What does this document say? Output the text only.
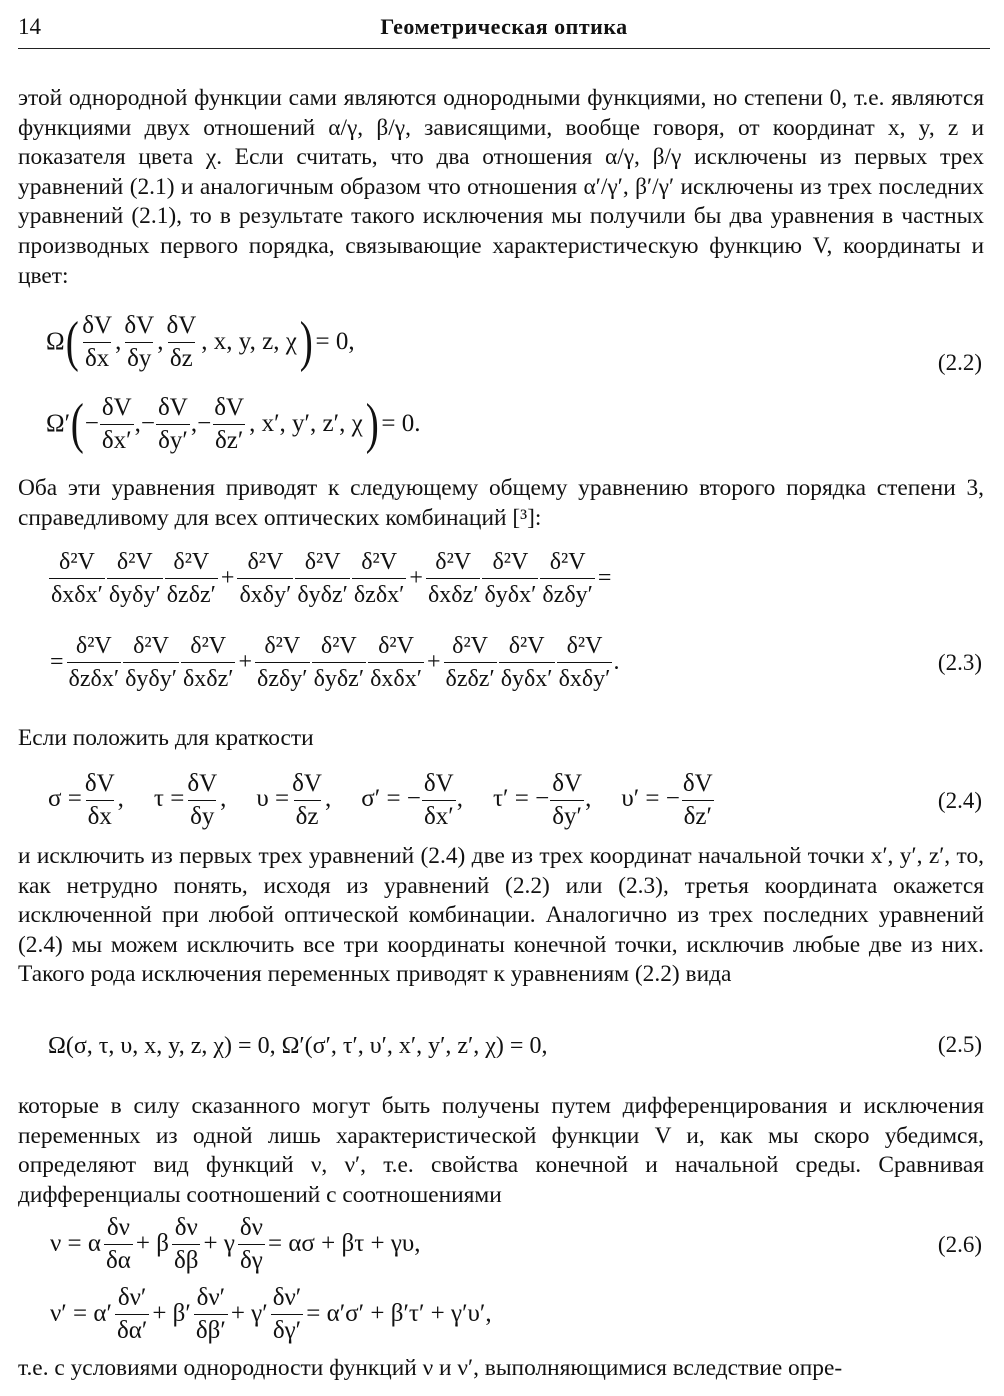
14	Геометрическая оптика

этой однородной функции сами являются однородными функциями, но степени 0, т.е. являются функциями двух отношений α/γ, β/γ, зависящими, вообще говоря, от координат x, y, z и показателя цвета χ. Если считать, что два отношения α/γ, β/γ исключены из первых трех уравнений (2.1) и аналогичным образом что отношения α′/γ′, β′/γ′ исключены из трех последних уравнений (2.1), то в результате такого исключения мы получили бы два уравнения в частных производных первого порядка, связывающие характеристическую функцию V, координаты и цвет:

Ω ( $\frac{\delta V}{\delta x}$ , $\frac{\delta V}{\delta y}$ , $\frac{\delta V}{\delta z}$ , x, y, z, χ ) = 0,
(2.2)
Ω′ ( − $\frac{\delta V}{\delta x'}$ ,− $\frac{\delta V}{\delta y'}$ ,− $\frac{\delta V}{\delta z'}$ , x′, y′, z′, χ ) = 0.

Оба эти уравнения приводят к следующему общему уравнению второго порядка степени 3, справедливому для всех оптических комбинаций [³]:

$\frac{\text{δ²V}}{\text{δxδx′}} \frac{\text{δ²V}}{\text{δyδy′}} \frac{\text{δ²V}}{\text{δzδz′}} + \frac{\text{δ²V}}{\text{δxδy′}} \frac{\text{δ²V}}{\text{δyδz′}} \frac{\text{δ²V}}{\text{δzδx′}} + \frac{\text{δ²V}}{\text{δxδz′}} \frac{\text{δ²V}}{\text{δyδx′}} \frac{\text{δ²V}}{\text{δzδy′}}$ =
= $\frac{\text{δ²V}}{\text{δzδx′}} \frac{\text{δ²V}}{\text{δyδy′}} \frac{\text{δ²V}}{\text{δxδz′}} + \frac{\text{δ²V}}{\text{δzδy′}} \frac{\text{δ²V}}{\text{δyδz′}} \frac{\text{δ²V}}{\text{δxδx′}} + \frac{\text{δ²V}}{\text{δzδz′}} \frac{\text{δ²V}}{\text{δyδx′}} \frac{\text{δ²V}}{\text{δxδy′}}$ .	(2.3)

Если положить для краткости

$\sigma = \frac{\delta V}{\delta x}$ , $\tau = \frac{\delta V}{\delta y}$ , $\upsilon = \frac{\delta V}{\delta z}$ , σ′ = − $\frac{\delta V}{\delta x'}$ , τ′ = − $\frac{\delta V}{\delta y'}$ , υ′ = − $\frac{\delta V}{\delta z'}$	(2.4)

и исключить из первых трех уравнений (2.4) две из трех координат начальной точки x′, y′, z′, то, как нетрудно понять, исходя из уравнений (2.2) или (2.3), третья координата окажется исключенной при любой оптической комбинации. Аналогично из трех последних уравнений (2.4) мы можем исключить все три координаты конечной точки, исключив любые две из них. Такого рода исключения переменных приводят к уравнениям (2.2) вида

Ω(σ, τ, υ, x, y, z, χ) = 0, Ω′(σ′, τ′, υ′, x′, y′, z′, χ) = 0,	(2.5)

которые в силу сказанного могут быть получены путем дифференцирования и исключения переменных из одной лишь характеристической функции V и, как мы скоро убедимся, определяют вид функций ν, ν′, т.е. свойства конечной и начальной среды. Сравнивая дифференциалы соотношений с соотношениями

ν = α $\frac{\delta\nu}{\delta\alpha} + \beta \frac{\delta\nu}{\delta\beta} + \gamma \frac{\delta\nu}{\delta\gamma} = \alpha\sigma + \beta\tau + \gamma\upsilon$,	(2.6)
$\nu' = \alpha' \frac{\delta\nu'}{\delta\alpha'} + \beta' \frac{\delta\nu'}{\delta\beta'} + \gamma' \frac{\delta\nu'}{\delta\gamma'} = \alpha'\sigma' + \beta'\tau' + \gamma'\upsilon'$,

т.е. с условиями однородности функций ν и ν′, выполняющимися вследствие опре-
